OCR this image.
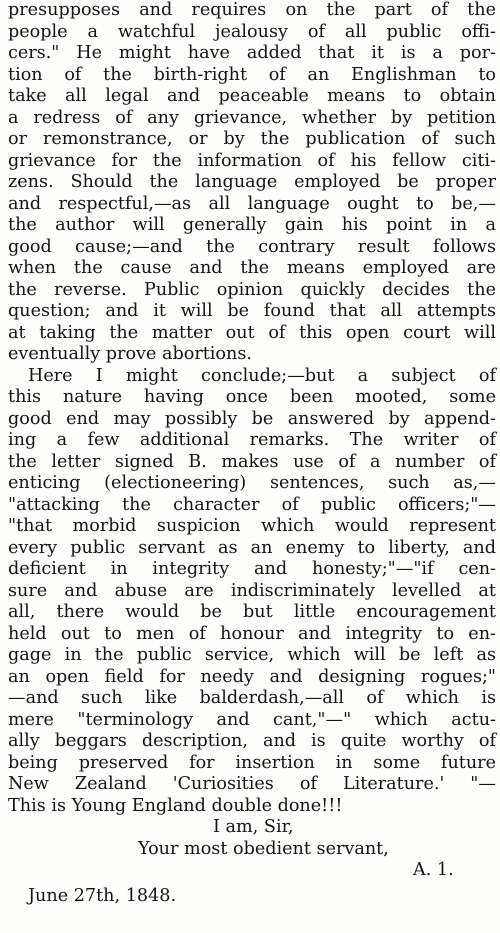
presupposes and requires on the part of the
people a watchful jealousy of all public offi-
cers." He might have added that it is a por-
tion of the birth-right of an Englishman to
take all legal and peaceable means to obtain
a redress of any grievance, whether by petition
or remonstrance, or by the publication of such
grievance for the information of his fellow citi-
zens. Should the language employed be proper
and respectful,—as all language ought to be,—
the author will generally gain his point in a
good cause;—and the contrary result follows
when the cause and the means employed are
the reverse. Public opinion quickly decides the
question; and it will be found that all attempts
at taking the matter out of this open court will
eventually prove abortions.
Here I might conclude;—but a subject of
this nature having once been mooted, some
good end may possibly be answered by append-
ing a few additional remarks. The writer of
the letter signed B. makes use of a number of
enticing (electioneering) sentences, such as,—
"attacking the character of public officers;"—
"that morbid suspicion which would represent
every public servant as an enemy to liberty, and
deficient in integrity and honesty;"—"if cen-
sure and abuse are indiscriminately levelled at
all, there would be but little encouragement
held out to men of honour and integrity to en-
gage in the public service, which will be left as
an open field for needy and designing rogues;"
—and such like balderdash,—all of which is
mere "terminology and cant,"—" which actu-
ally beggars description, and is quite worthy of
being preserved for insertion in some future
New Zealand 'Curiosities of Literature.' "—
This is Young England double done!!!
I am, Sir,
Your most obedient servant,
A. 1.
June 27th, 1848.
